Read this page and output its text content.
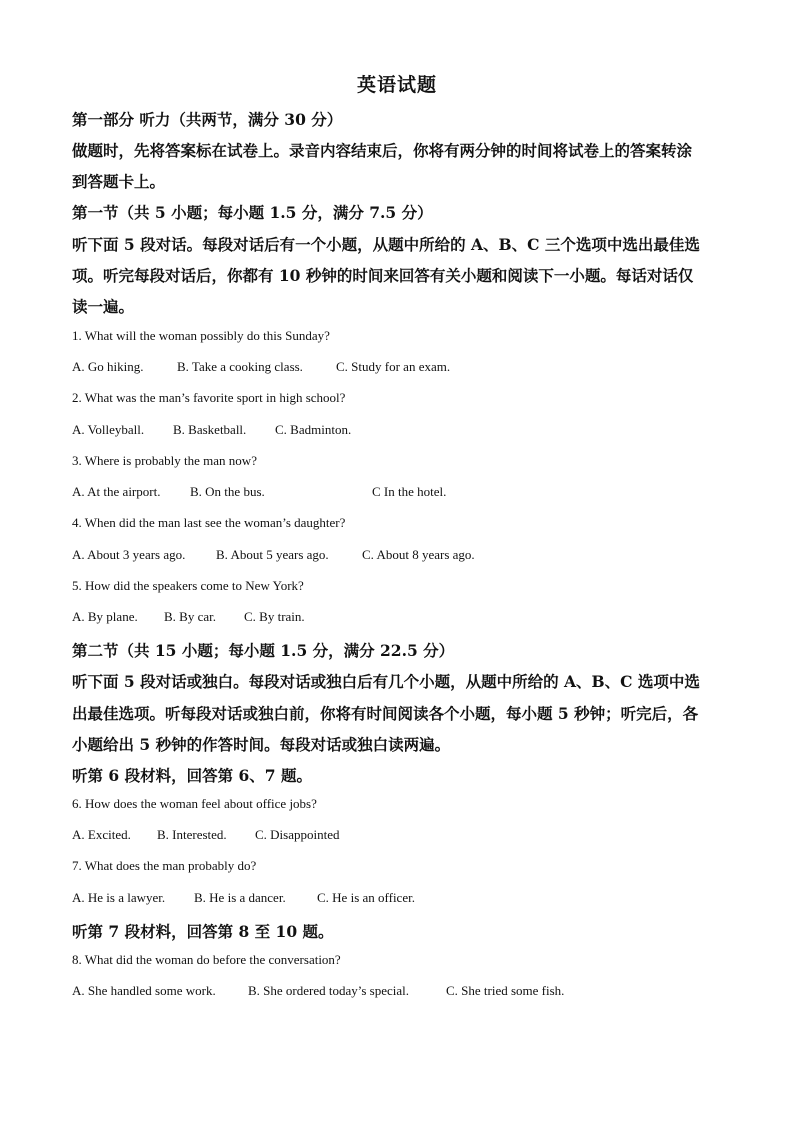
英语试题
第一部分 听力（共两节，满分 30 分）
做题时，先将答案标在试卷上。录音内容结束后，你将有两分钟的时间将试卷上的答案转涂
到答题卡上。
第一节（共 5 小题；每小题 1.5 分，满分 7.5 分）
听下面 5 段对话。每段对话后有一个小题，从题中所给的 A、B、C 三个选项中选出最佳选
项。听完每段对话后，你都有 10 秒钟的时间来回答有关小题和阅读下一小题。每话对话仅
读一遍。
1. What will the woman possibly do this Sunday?
A. Go hiking.	B. Take a cooking class.	C. Study for an exam.
2. What was the man’s favorite sport in high school?
A. Volleyball. B. Basketball. C. Badminton.
3. Where is probably the man now?
A. At the airport. B. On the bus.	C In the hotel.
4. When did the man last see the woman’s daughter?
A. About 3 years ago. B. About 5 years ago.	C. About 8 years ago.
5. How did the speakers come to New York?
A. By plane. B. By car. C. By train.
第二节（共 15 小题；每小题 1.5 分，满分 22.5 分）
听下面 5 段对话或独白。每段对话或独白后有几个小题，从题中所给的 A、B、C 选项中选
出最佳选项。听每段对话或独白前，你将有时间阅读各个小题，每小题 5 秒钟；听完后，各
小题给出 5 秒钟的作答时间。每段对话或独白读两遍。
听第 6 段材料，回答第 6、7 题。
6. How does the woman feel about office jobs?
A. Excited. B. Interested. C. Disappointed
7. What does the man probably do?
A. He is a lawyer. B. He is a dancer. C. He is an officer.
听第 7 段材料，回答第 8 至 10 题。
8. What did the woman do before the conversation?
A. She handled some work. B. She ordered today’s special.	C. She tried some fish.
